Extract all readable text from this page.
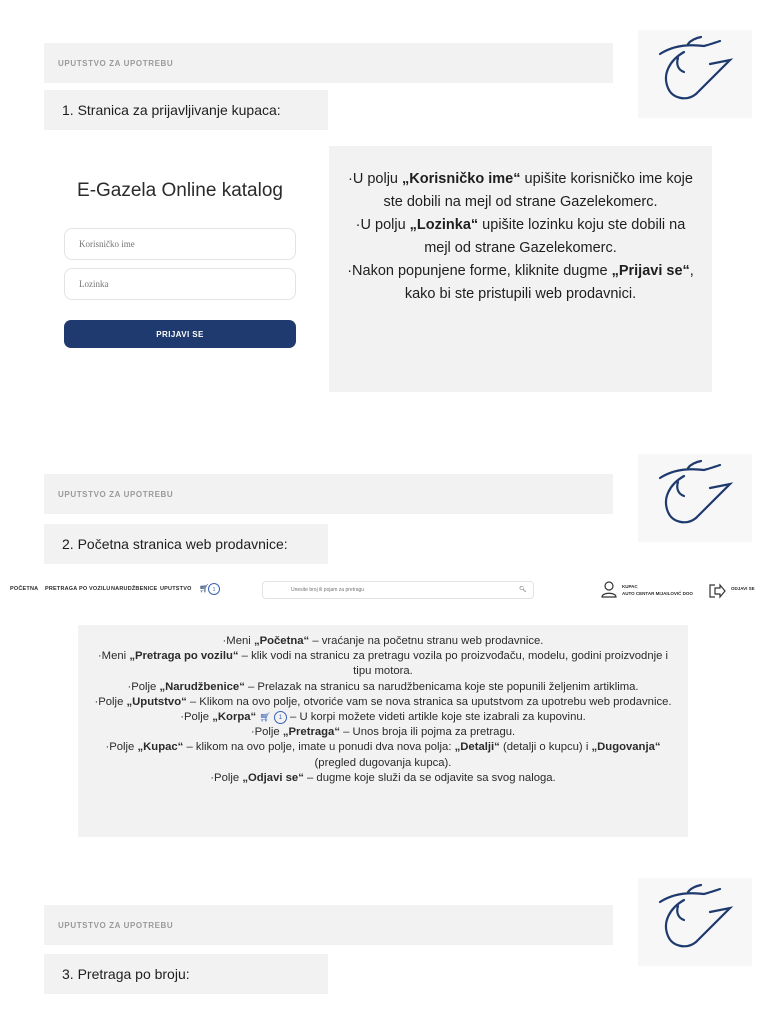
UPUTSTVO ZA UPOTREBU
1. Stranica za prijavljivanje kupaca:
E-Gazela Online katalog
Korisničko ime
Lozinka
PRIJAVI SE

·U polju „Korisničko ime“ upišite korisničko ime koje ste dobili na mejl od strane Gazelekomerc.

·U polju „Lozinka“ upišite lozinku koju ste dobili na mejl od strane Gazelekomerc.

·Nakon popunjene forme, kliknite dugme „Prijavi se“, kako bi ste pristupili web prodavnici.

UPUTSTVO ZA UPOTREBU
2. Početna stranica web prodavnice:
POČETNA PRETRAGA PO VOZILU NARUDŽBENICE UPUTSTVO 🛒︎ 1
Unesite broj ili pojam za pretragu	🔍︎
KUPAC
AUTO CENTAR MIJAILOVIĆ DOO
ODJAVI SE

·Meni „Početna“ – vraćanje na početnu stranu web prodavnice.

·Meni „Pretraga po vozilu“ – klik vodi na stranicu za pretragu vozila po proizvođaču, modelu, godini proizvodnje i tipu motora.

·Polje „Narudžbenice“ – Prelazak na stranicu sa narudžbenicama koje ste popunili željenim artiklima.

·Polje „Uputstvo“ – Klikom na ovo polje, otvoriće vam se nova stranica sa uputstvom za upotrebu web prodavnice.

·Polje „Korpa“ 🛒︎ 1 – U korpi možete videti artikle koje ste izabrali za kupovinu.

·Polje „Pretraga“ – Unos broja ili pojma za pretragu.

·Polje „Kupac“ – klikom na ovo polje, imate u ponudi dva nova polja: „Detalji“ (detalji o kupcu) i „Dugovanja“ (pregled dugovanja kupca).

·Polje „Odjavi se“ – dugme koje služi da se odjavite sa svog naloga.

UPUTSTVO ZA UPOTREBU
3. Pretraga po broju:
